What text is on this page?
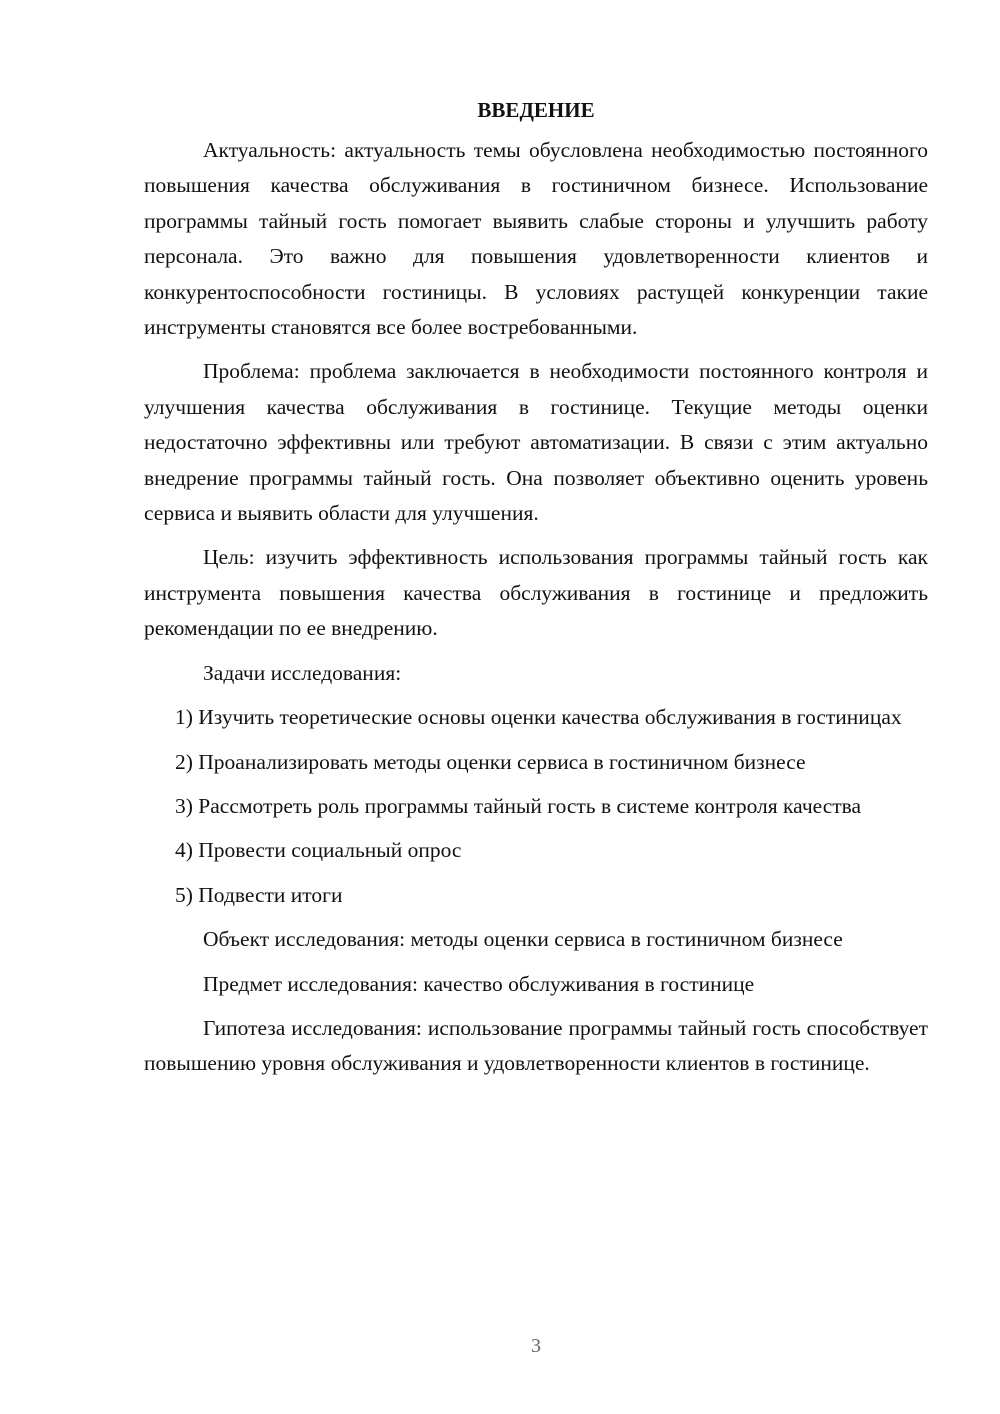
ВВЕДЕНИЕ
Актуальность: актуальность темы обусловлена необходимостью постоянного повышения качества обслуживания в гостиничном бизнесе. Использование программы тайный гость помогает выявить слабые стороны и улучшить работу персонала. Это важно для повышения удовлетворенности клиентов и конкурентоспособности гостиницы. В условиях растущей конкуренции такие инструменты становятся все более востребованными.
Проблема: проблема заключается в необходимости постоянного контроля и улучшения качества обслуживания в гостинице. Текущие методы оценки недостаточно эффективны или требуют автоматизации. В связи с этим актуально внедрение программы тайный гость. Она позволяет объективно оценить уровень сервиса и выявить области для улучшения.
Цель: изучить эффективность использования программы тайный гость как инструмента повышения качества обслуживания в гостинице и предложить рекомендации по ее внедрению.
Задачи исследования:
1) Изучить теоретические основы оценки качества обслуживания в гостиницах
2) Проанализировать методы оценки сервиса в гостиничном бизнесе
3) Рассмотреть роль программы тайный гость в системе контроля качества
4) Провести социальный опрос
5) Подвести итоги
Объект исследования: методы оценки сервиса в гостиничном бизнесе
Предмет исследования: качество обслуживания в гостинице
Гипотеза исследования: использование программы тайный гость способствует повышению уровня обслуживания и удовлетворенности клиентов в гостинице.
3
